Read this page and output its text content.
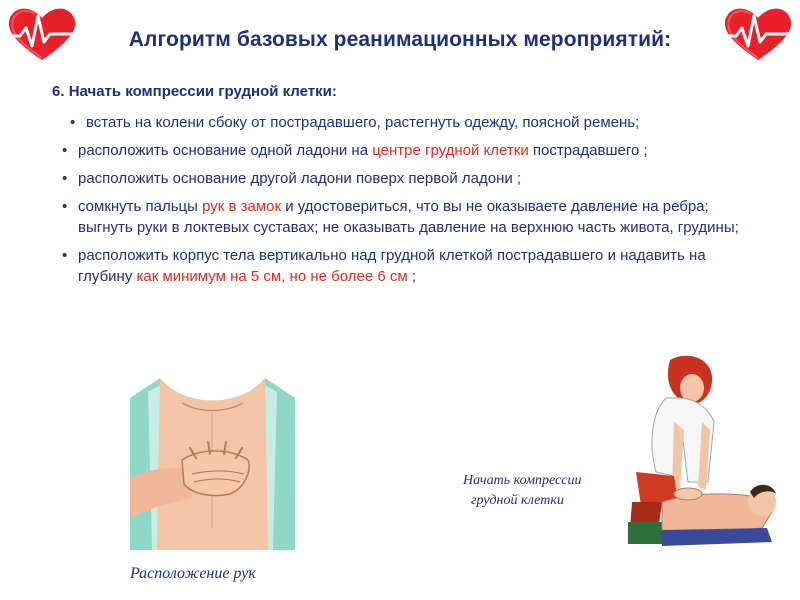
Алгоритм базовых реанимационных мероприятий:
6. Начать компрессии грудной клетки:
• встать на колени сбоку от пострадавшего, растегнуть одежду, поясной ремень;
• расположить основание одной ладони на центре грудной клетки пострадавшего ;
• расположить основание другой ладони поверх первой ладони ;
• сомкнуть пальцы рук в замок и удостовериться, что вы не оказываете давление на ребра; выгнуть руки в локтевых суставах; не оказывать давление на верхнюю часть живота, грудины;
• расположить корпус тела вертикально над грудной клеткой пострадавшего и надавить на глубину как минимум на 5 см, но не более 6 см ;
Расположение рук
Начать компрессии
грудной клетки
